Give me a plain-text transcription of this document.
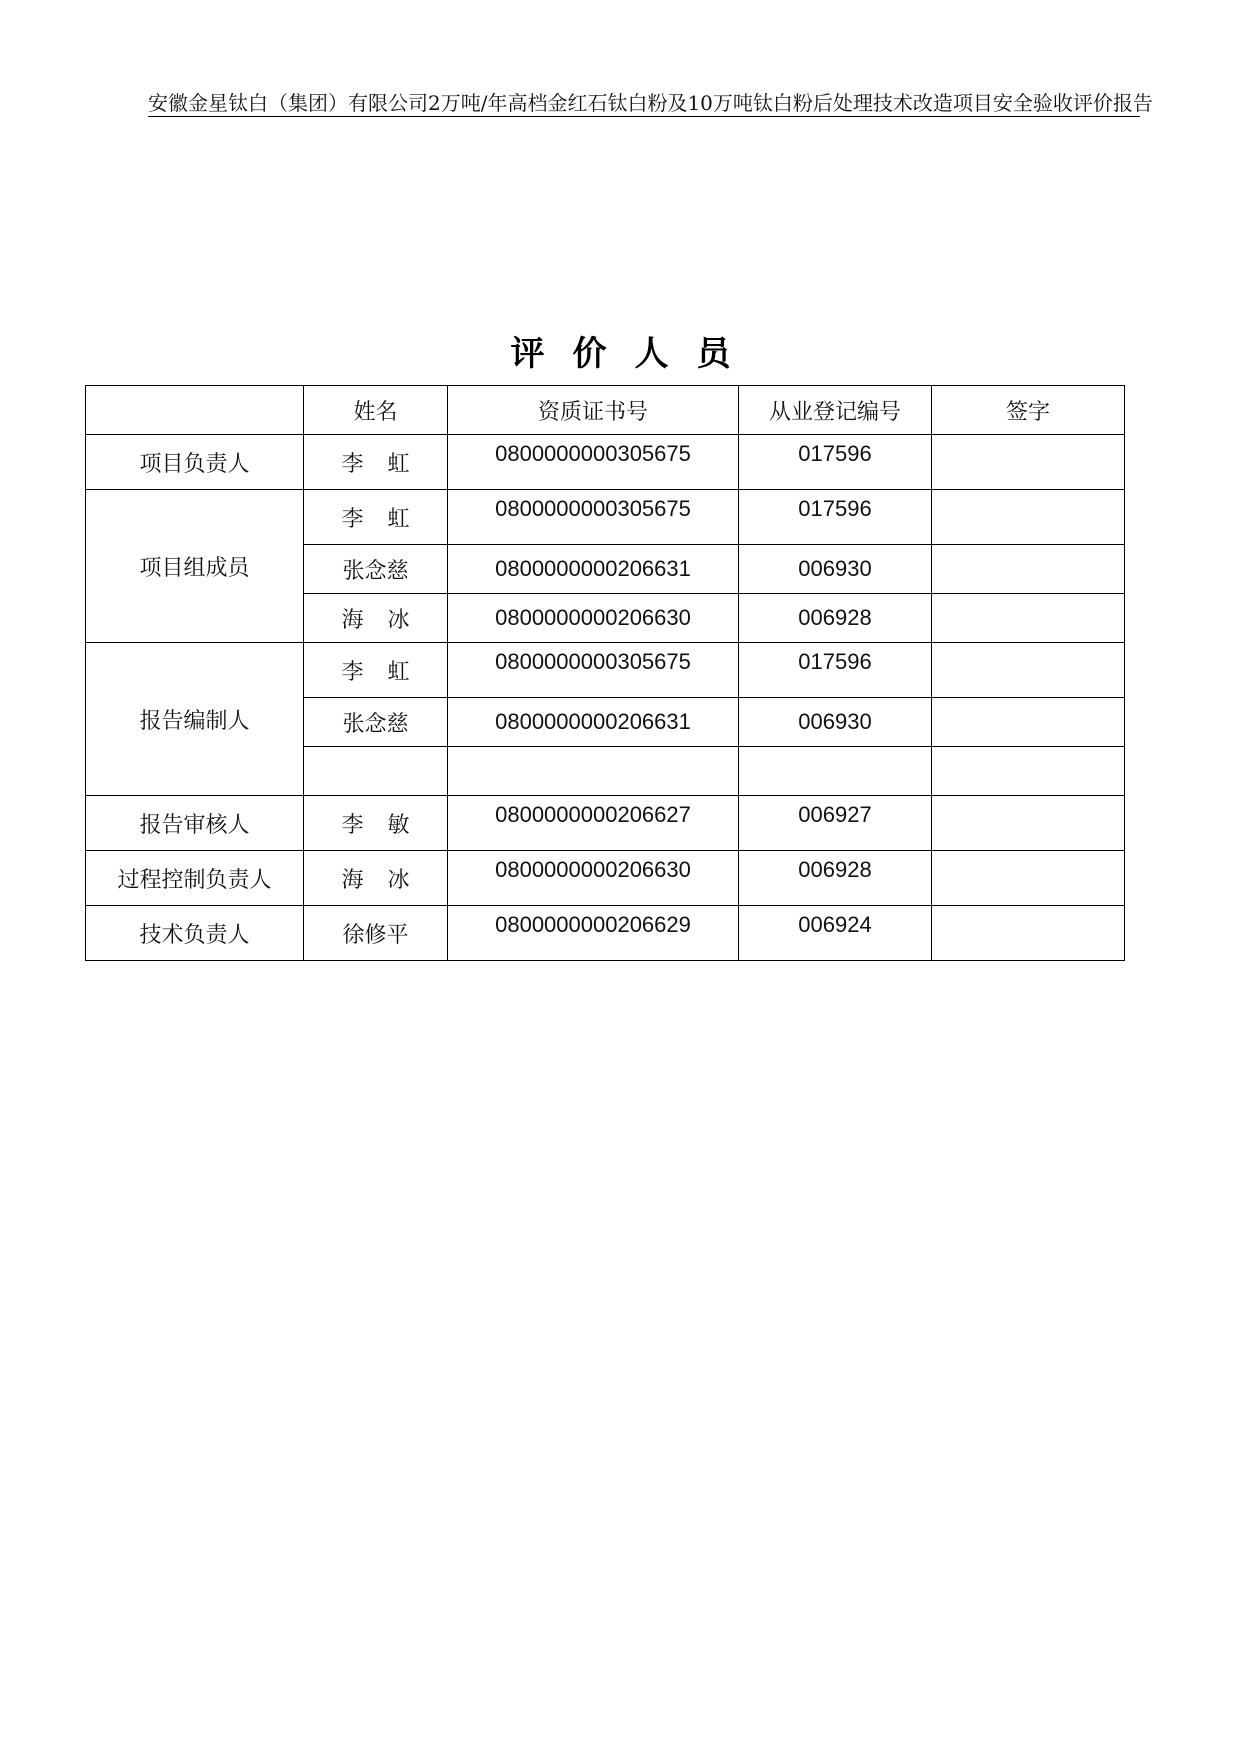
安徽金星钛白（集团）有限公司2万吨/年高档金红石钛白粉及10万吨钛白粉后处理技术改造项目安全验收评价报告
评价人员
	姓名	资质证书号	从业登记编号	签字
项目负责人	李虹	0800000000305675	017596	
项目组成员	李虹	0800000000305675	017596	
	张念慈	0800000000206631	006930	
	海冰	0800000000206630	006928	
报告编制人	李虹	0800000000305675	017596	
	张念慈	0800000000206631	006930	

报告审核人	李敏	0800000000206627	006927	
过程控制负责人	海冰	0800000000206630	006928	
技术负责人	徐修平	0800000000206629	006924	
